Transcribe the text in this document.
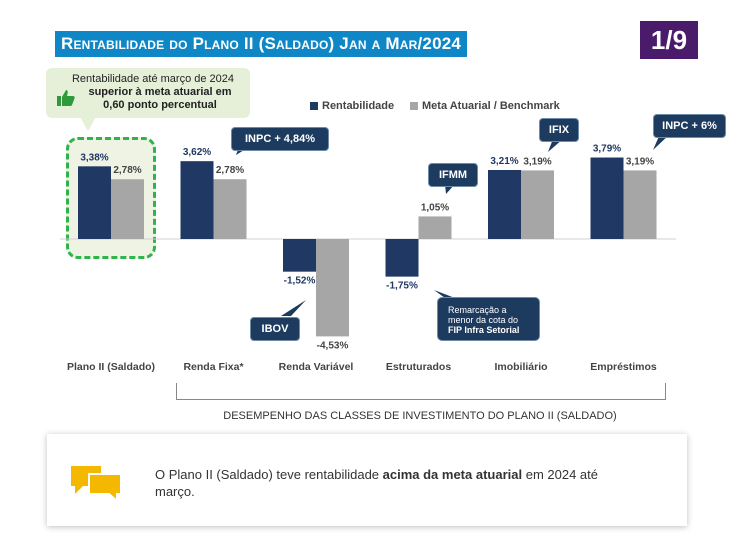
Rentabilidade do Plano II (Saldado) Jan a Mar/2024	1/9
Rentabilidade até março de 2024
superior à meta atuarial em
0,60 ponto percentual	Rentabilidade	Meta Atuarial / Benchmark
3,38%
2,78%
Plano II (Saldado)
3,62%
2,78%
Renda Fixa*
-1,52%
-4,53%
Renda Variável
-1,75%
1,05%
Estruturados
3,21% 3,19%
Imobiliário
3,79%
3,19%
Empréstimos
INPC + 4,84%
IBOV
IFMM
IFIX	INPC + 6%
Remarcação a
menor da cota do
FIP Infra Setorial
DESEMPENHO DAS CLASSES DE INVESTIMENTO DO PLANO II (SALDADO)
O Plano II (Saldado) teve rentabilidade acima da meta atuarial em 2024 até março.
